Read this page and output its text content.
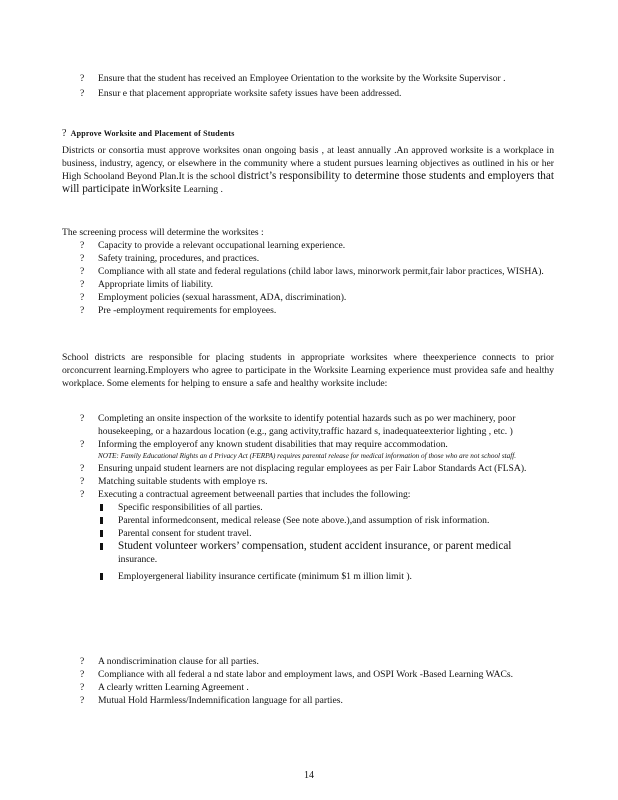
? Ensure that the student has received an Employee Orientation to the worksite by the Worksite Supervisor .
? Ensur e that placement appropriate worksite safety issues have been addressed.
? Approve Worksite and Placement of Students
Districts or consortia must approve worksites onan ongoing basis , at least annually .An approved worksite is a workplace in business, industry, agency, or elsewhere in the community where a student pursues learning objectives as outlined in his or her High Schooland Beyond Plan.It is the school district’s responsibility to determine those students and employers that will participate inWorksite Learning .
The screening process will determine the worksites :
? Capacity to provide a relevant occupational learning experience.
? Safety training, procedures, and practices.
? Compliance with all state and federal regulations (child labor laws, minorwork permit,fair labor practices, WISHA).
? Appropriate limits of liability.
? Employment policies (sexual harassment, ADA, discrimination).
? Pre -employment requirements for employees.
School districts are responsible for placing students in appropriate worksites where theexperience connects to prior orconcurrent learning.Employers who agree to participate in the Worksite Learning experience must providea safe and healthy workplace. Some elements for helping to ensure a safe and healthy worksite include:
? Completing an onsite inspection of the worksite to identify potential hazards such as po wer machinery, poor housekeeping, or a hazardous location (e.g., gang activity,traffic hazard s, inadequateexterior lighting , etc. )
? Informing the employerof any known student disabilities that may require accommodation.
NOTE: Family Educational Rights an d Privacy Act (FERPA) requires parental release for medical information of those who are not school staff.
? Ensuring unpaid student learners are not displacing regular employees as per Fair Labor Standards Act (FLSA).
? Matching suitable students with employe rs.
? Executing a contractual agreement betweenall parties that includes the following:
Specific responsibilities of all parties.
Parental informedconsent, medical release (See note above.),and assumption of risk information.
Parental consent for student travel.
Student volunteer workers’ compensation, student accident insurance, or parent medical
insurance.
Employergeneral liability insurance certificate (minimum $1 m illion limit ).
? A nondiscrimination clause for all parties.
? Compliance with all federal a nd state labor and employment laws, and OSPI Work -Based Learning WACs.
? A clearly written Learning Agreement .
? Mutual Hold Harmless/Indemnification language for all parties.
14
